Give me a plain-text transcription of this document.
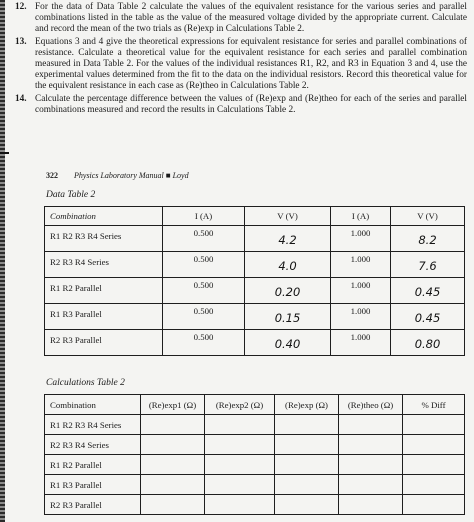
12. For the data of Data Table 2 calculate the values of the equivalent resistance for the various series and parallel combinations listed in the table as the value of the measured voltage divided by the appropriate current. Calculate and record the mean of the two trials as (Re)exp in Calculations Table 2.
13. Equations 3 and 4 give the theoretical expressions for equivalent resistance for series and parallel combinations of resistance. Calculate a theoretical value for the equivalent resistance for each series and parallel combination measured in Data Table 2. For the values of the individual resistances R1, R2, and R3 in Equation 3 and 4, use the experimental values determined from the fit to the data on the individual resistors. Record this theoretical value for the equivalent resistance in each case as (Re)theo in Calculations Table 2.
14. Calculate the percentage difference between the values of (Re)exp and (Re)theo for each of the series and parallel combinations measured and record the results in Calculations Table 2.
322 Physics Laboratory Manual ■ Loyd
Data Table 2
Combination	I (A)	V (V)	I (A)	V (V)
R1 R2 R3 R4 Series	0.500	4.2	1.000	8.2
R2 R3 R4 Series	0.500	4.0	1.000	7.6
R1 R2 Parallel	0.500	0.20	1.000	0.45
R1 R3 Parallel	0.500	0.15	1.000	0.45
R2 R3 Parallel	0.500	0.40	1.000	0.80
Calculations Table 2
Combination	(Re)exp1 (Ω)	(Re)exp2 (Ω)	(Re)exp (Ω)	(Re)theo (Ω)	% Diff
R1 R2 R3 R4 Series					
R2 R3 R4 Series					
R1 R2 Parallel					
R1 R3 Parallel					
R2 R3 Parallel					
